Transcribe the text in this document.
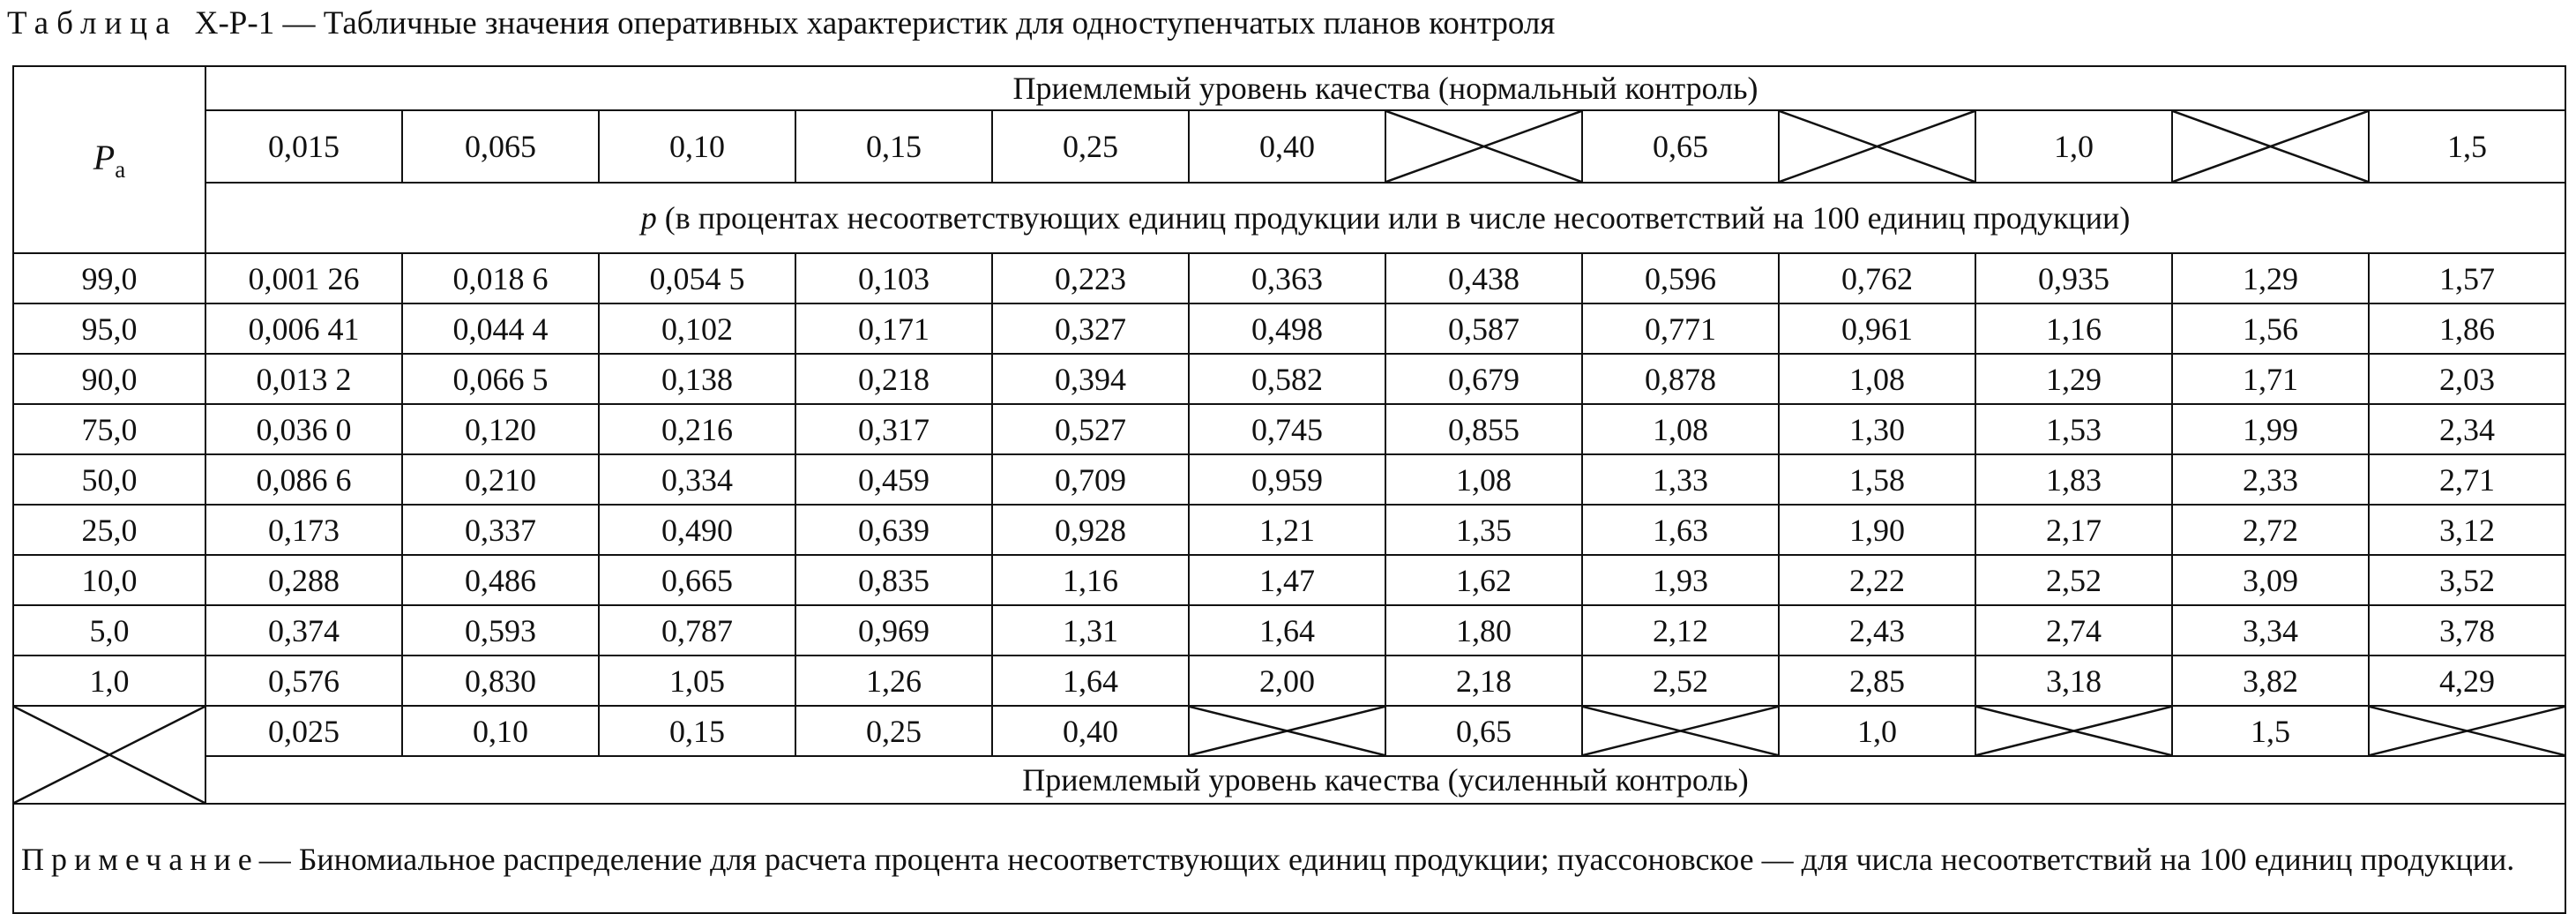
Таблица X-P-1 — Табличные значения оперативных характеристик для одноступенчатых планов контроля
$P_a$	Приемлемый уровень качества (нормальный контроль)											
	0,015	0,065	0,10	0,15	0,25	0,40		0,65		1,0		1,5
	p (в процентах несоответствующих единиц продукции или в числе несоответствий на 100 единиц продукции)											
99,0	0,001 26	0,018 6	0,054 5	0,103	0,223	0,363	0,438	0,596	0,762	0,935	1,29	1,57
95,0	0,006 41	0,044 4	0,102	0,171	0,327	0,498	0,587	0,771	0,961	1,16	1,56	1,86
90,0	0,013 2	0,066 5	0,138	0,218	0,394	0,582	0,679	0,878	1,08	1,29	1,71	2,03
75,0	0,036 0	0,120	0,216	0,317	0,527	0,745	0,855	1,08	1,30	1,53	1,99	2,34
50,0	0,086 6	0,210	0,334	0,459	0,709	0,959	1,08	1,33	1,58	1,83	2,33	2,71
25,0	0,173	0,337	0,490	0,639	0,928	1,21	1,35	1,63	1,90	2,17	2,72	3,12
10,0	0,288	0,486	0,665	0,835	1,16	1,47	1,62	1,93	2,22	2,52	3,09	3,52
5,0	0,374	0,593	0,787	0,969	1,31	1,64	1,80	2,12	2,43	2,74	3,34	3,78
1,0	0,576	0,830	1,05	1,26	1,64	2,00	2,18	2,52	2,85	3,18	3,82	4,29

	0,025	0,10	0,15	0,25	0,40		0,65		1,0		1,5	

	Приемлемый уровень качества (усиленный контроль)											
Примечание— Биномиальное распределение для расчета процента несоответствующих единиц продукции; пуассоновское — для числа несоответствий на 100 единиц продукции.												
